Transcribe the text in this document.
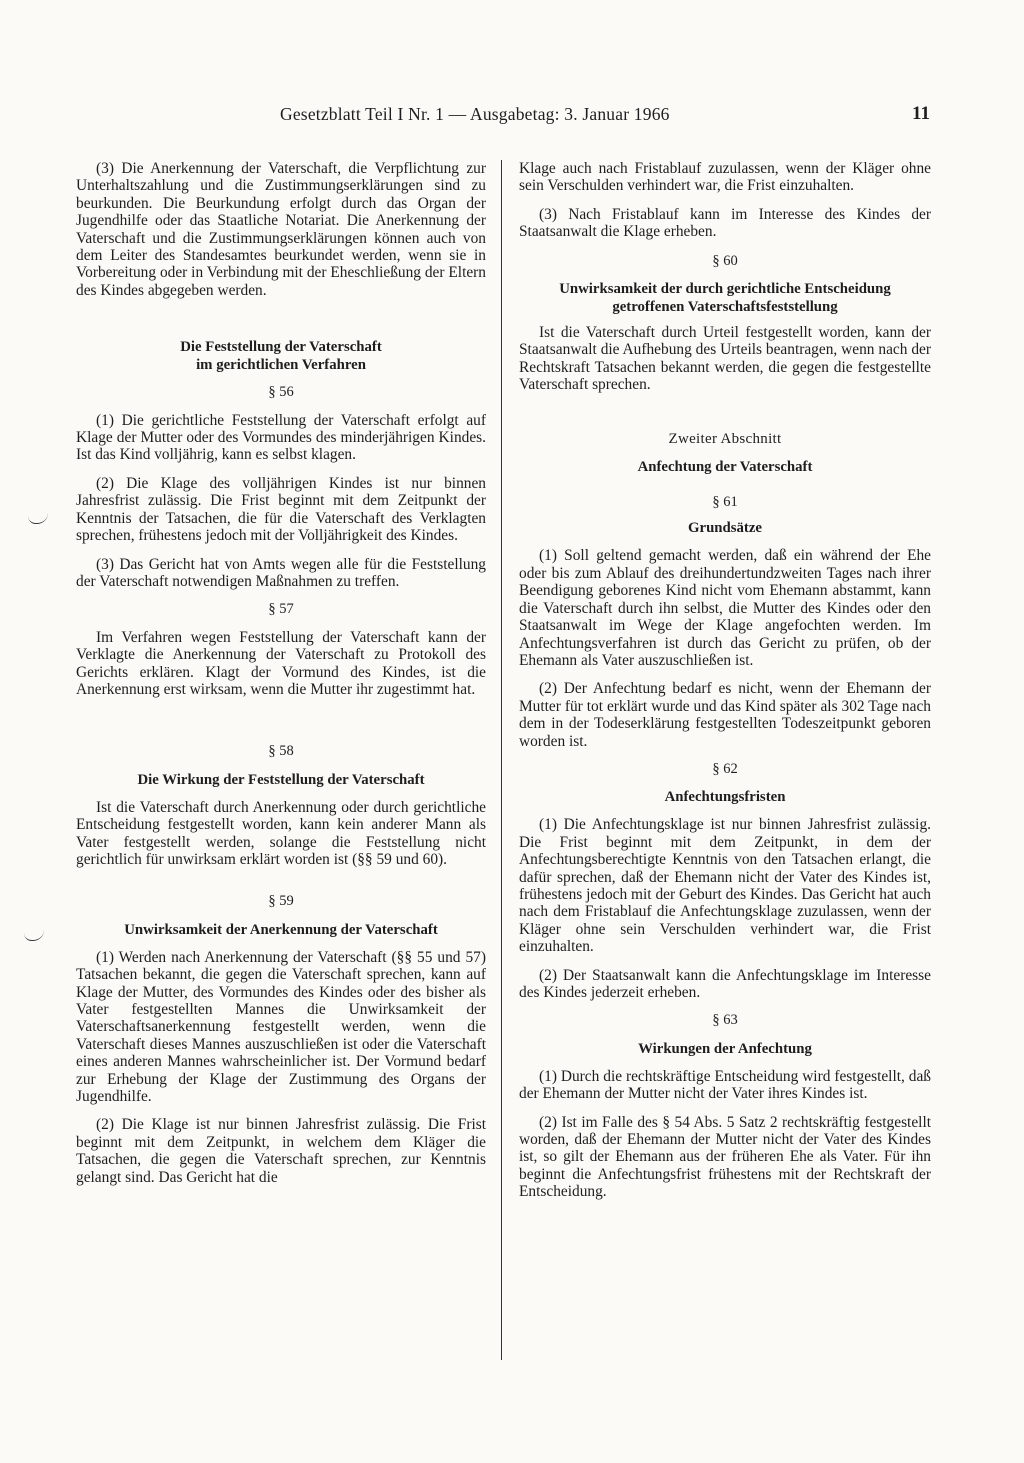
Gesetzblatt Teil I Nr. 1 — Ausgabetag: 3. Januar 1966	11

(3) Die Anerkennung der Vaterschaft, die Verpflichtung zur Unterhaltszahlung und die Zustimmungserklärungen sind zu beurkunden. Die Beurkundung erfolgt durch das Organ der Jugendhilfe oder das Staatliche Notariat. Die Anerkennung der Vaterschaft und die Zustimmungserklärungen können auch von dem Leiter des Standesamtes beurkundet werden, wenn sie in Vorbereitung oder in Verbindung mit der Eheschließung der Eltern des Kindes abgegeben werden.

Die Feststellung der Vaterschaft

im gerichtlichen Verfahren

§ 56

(1) Die gerichtliche Feststellung der Vaterschaft erfolgt auf Klage der Mutter oder des Vormundes des minderjährigen Kindes. Ist das Kind volljährig, kann es selbst klagen.

(2) Die Klage des volljährigen Kindes ist nur binnen Jahresfrist zulässig. Die Frist beginnt mit dem Zeitpunkt der Kenntnis der Tatsachen, die für die Vaterschaft des Verklagten sprechen, frühestens jedoch mit der Volljährigkeit des Kindes.

(3) Das Gericht hat von Amts wegen alle für die Feststellung der Vaterschaft notwendigen Maßnahmen zu treffen.

§ 57

Im Verfahren wegen Feststellung der Vaterschaft kann der Verklagte die Anerkennung der Vaterschaft zu Protokoll des Gerichts erklären. Klagt der Vormund des Kindes, ist die Anerkennung erst wirksam, wenn die Mutter ihr zugestimmt hat.

§ 58

Die Wirkung der Feststellung der Vaterschaft

Ist die Vaterschaft durch Anerkennung oder durch gerichtliche Entscheidung festgestellt worden, kann kein anderer Mann als Vater festgestellt werden, solange die Feststellung nicht gerichtlich für unwirksam erklärt worden ist (§§ 59 und 60).

§ 59

Unwirksamkeit der Anerkennung der Vaterschaft

(1) Werden nach Anerkennung der Vaterschaft (§§ 55 und 57) Tatsachen bekannt, die gegen die Vaterschaft sprechen, kann auf Klage der Mutter, des Vormundes des Kindes oder des bisher als Vater festgestellten Mannes die Unwirksamkeit der Vaterschaftsanerkennung festgestellt werden, wenn die Vaterschaft dieses Mannes auszuschließen ist oder die Vaterschaft eines anderen Mannes wahrscheinlicher ist. Der Vormund bedarf zur Erhebung der Klage der Zustimmung des Organs der Jugendhilfe.

(2) Die Klage ist nur binnen Jahresfrist zulässig. Die Frist beginnt mit dem Zeitpunkt, in welchem dem Kläger die Tatsachen, die gegen die Vaterschaft sprechen, zur Kenntnis gelangt sind. Das Gericht hat die

Klage auch nach Fristablauf zuzulassen, wenn der Kläger ohne sein Verschulden verhindert war, die Frist einzuhalten.

(3) Nach Fristablauf kann im Interesse des Kindes der Staatsanwalt die Klage erheben.

§ 60

Unwirksamkeit der durch gerichtliche Entscheidung

getroffenen Vaterschaftsfeststellung

Ist die Vaterschaft durch Urteil festgestellt worden, kann der Staatsanwalt die Aufhebung des Urteils beantragen, wenn nach der Rechtskraft Tatsachen bekannt werden, die gegen die festgestellte Vaterschaft sprechen.

Zweiter Abschnitt

Anfechtung der Vaterschaft

§ 61

Grundsätze

(1) Soll geltend gemacht werden, daß ein während der Ehe oder bis zum Ablauf des dreihundertundzweiten Tages nach ihrer Beendigung geborenes Kind nicht vom Ehemann abstammt, kann die Vaterschaft durch ihn selbst, die Mutter des Kindes oder den Staatsanwalt im Wege der Klage angefochten werden. Im Anfechtungsverfahren ist durch das Gericht zu prüfen, ob der Ehemann als Vater auszuschließen ist.

(2) Der Anfechtung bedarf es nicht, wenn der Ehemann der Mutter für tot erklärt wurde und das Kind später als 302 Tage nach dem in der Todeserklärung festgestellten Todeszeitpunkt geboren worden ist.

§ 62

Anfechtungsfristen

(1) Die Anfechtungsklage ist nur binnen Jahresfrist zulässig. Die Frist beginnt mit dem Zeitpunkt, in dem der Anfechtungsberechtigte Kenntnis von den Tatsachen erlangt, die dafür sprechen, daß der Ehemann nicht der Vater des Kindes ist, frühestens jedoch mit der Geburt des Kindes. Das Gericht hat auch nach dem Fristablauf die Anfechtungsklage zuzulassen, wenn der Kläger ohne sein Verschulden verhindert war, die Frist einzuhalten.

(2) Der Staatsanwalt kann die Anfechtungsklage im Interesse des Kindes jederzeit erheben.

§ 63

Wirkungen der Anfechtung

(1) Durch die rechtskräftige Entscheidung wird festgestellt, daß der Ehemann der Mutter nicht der Vater ihres Kindes ist.

(2) Ist im Falle des § 54 Abs. 5 Satz 2 rechtskräftig festgestellt worden, daß der Ehemann der Mutter nicht der Vater des Kindes ist, so gilt der Ehemann aus der früheren Ehe als Vater. Für ihn beginnt die Anfechtungsfrist frühestens mit der Rechtskraft der Entscheidung.
